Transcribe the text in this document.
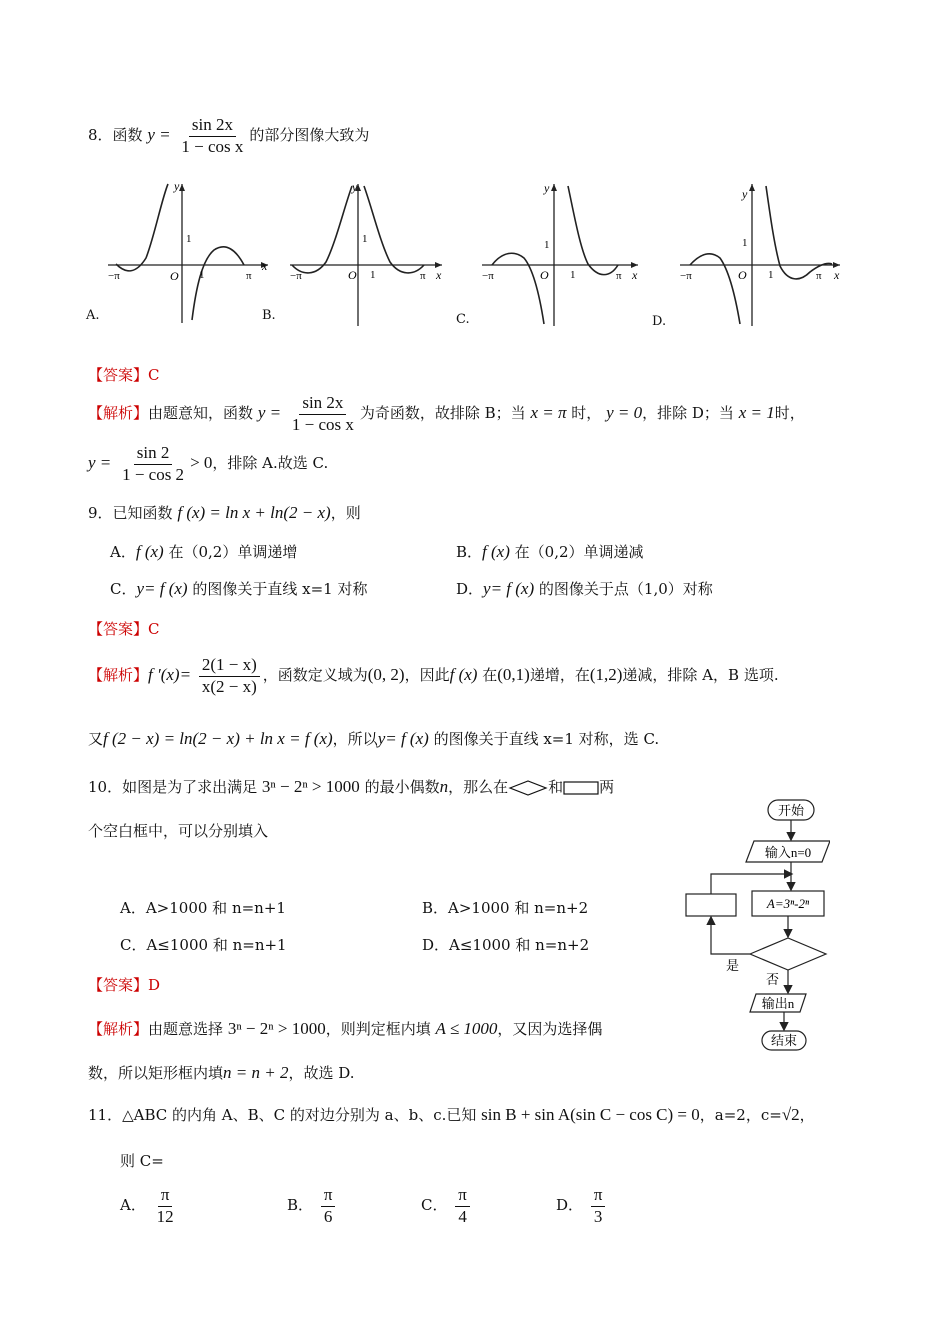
8．函数 $y = \frac{\sin 2x}{\text{1 − cos x}}$ 的部分图像大致为
y
x
O
1
1
−π	π
A.
y
x
O
1
1
−π	π
B.
y
x
O
1
1
−π	π
C.
y
x
O
1
1
−π	π
D.
【答案】C
【解析】由题意知，函数 $y = \frac{\sin 2x}{\text{1 − cos x}}$ 为奇函数，故排除 B；当 x = π 时， y = 0，排除 D；当 x = 1时，
$y = \frac{\sin 2}{1 - \cos 2} > 0$，排除 A.故选 C.
9．已知函数 f (x) = ln x + ln(2 − x)，则
A．f (x) 在（0,2）单调递增	B．f (x) 在（0,2）单调递减
C．y= f (x) 的图像关于直线 x=1 对称	D．y= f (x) 的图像关于点（1,0）对称
【答案】C
【解析】f $'(x)= \frac{2(1 - x)}{x(2 - x)}$ ，函数定义域为(0, 2)，因此f (x) 在(0,1)递增，在(1,2)递减，排除 A，B 选项.
又f (2 − x) = ln(2 − x) + ln x = f (x)，所以y= f (x) 的图像关于直线 x=1 对称，选 C.
10．如图是为了求出满足 3ⁿ − 2ⁿ > 1000 的最小偶数n，那么在	和 两
个空白框中，可以分别填入
A．A>1000 和 n=n+1	B．A>1000 和 n=n+2
C．A≤1000 和 n=n+1	D．A≤1000 和 n=n+2
【答案】D
【解析】由题意选择 3ⁿ − 2ⁿ > 1000，则判定框内填 A ≤ 1000，又因为选择偶
数，所以矩形框内填n = n + 2，故选 D.
开始
输入n=0
A=3ⁿ-2ⁿ
是
否
输出n
结束
11．△ABC 的内角 A、B、C 的对边分别为 a、b、c.已知 sin B + sin A(sin C − cos C) = 0，a=2，c=√2，
则 C=
A． $\frac{\pi}{12}$	B． $\frac{\pi}{6}$	C． $\frac{\pi}{4}$	D． $\frac{\pi}{3}$
